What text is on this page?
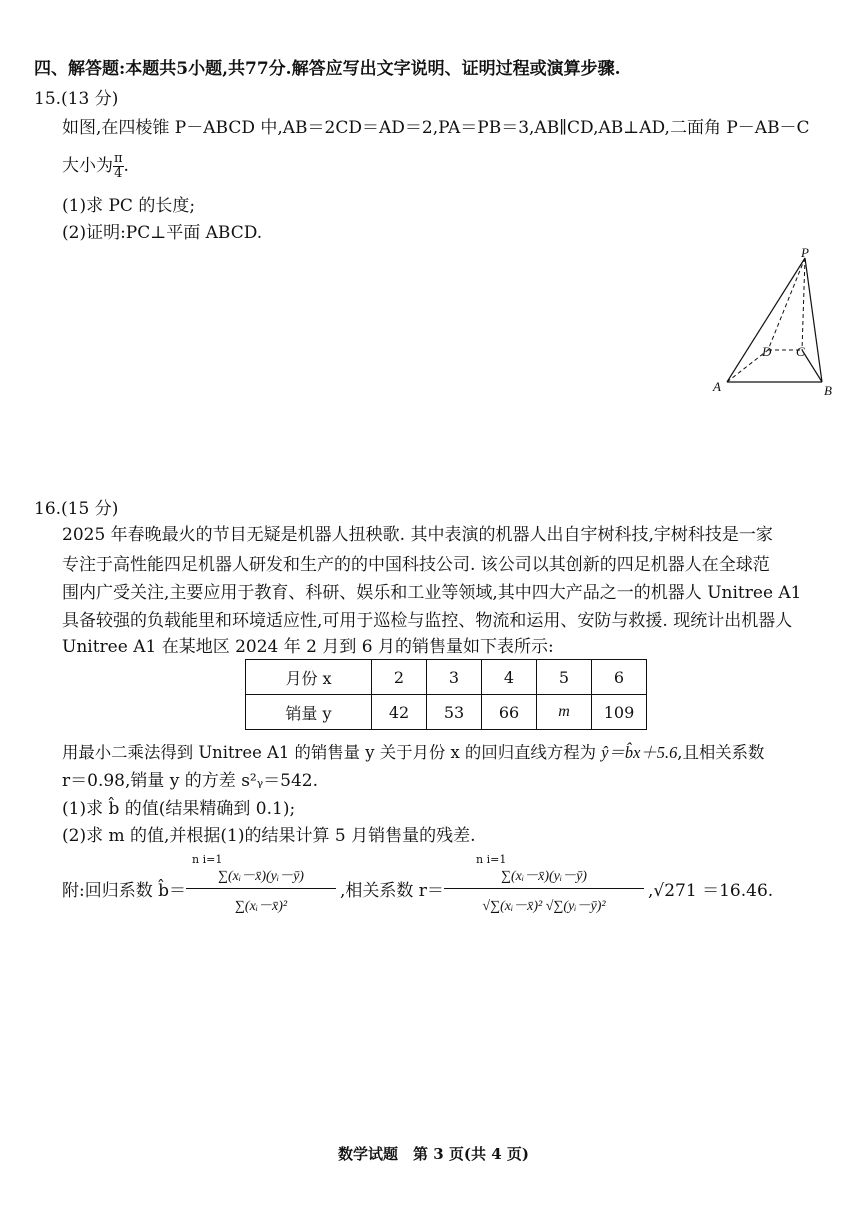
四、解答题:本题共5小题,共77分.解答应写出文字说明、证明过程或演算步骤.
15.(13 分)
如图,在四棱锥 P－ABCD 中,AB＝2CD＝AD＝2,PA＝PB＝3,AB∥CD,AB⊥AD,二面角 P－AB－C
大小为 $\frac{\pi}{4}$ .
(1)求 PC 的长度;
(2)证明:PC⊥平面 ABCD.
P
A	B
C
D
16.(15 分)
2025 年春晚最火的节目无疑是机器人扭秧歌. 其中表演的机器人出自宇树科技,宇树科技是一家
专注于高性能四足机器人研发和生产的的中国科技公司. 该公司以其创新的四足机器人在全球范
围内广受关注,主要应用于教育、科研、娱乐和工业等领域,其中四大产品之一的机器人 Unitree A1
具备较强的负载能里和环境适应性,可用于巡检与监控、物流和运用、安防与救援. 现统计出机器人
Unitree A1 在某地区 2024 年 2 月到 6 月的销售量如下表所示:
月份 x	2	3	4	5	6
销量 y	42	53	66	m	109
用最小二乘法得到 Unitree A1 的销售量 y 关于月份 x 的回归直线方程为 ŷ＝b̂x＋5.6,且相关系数
r＝0.98,销量 y 的方差 s²ᵧ＝542.
(1)求 b̂ 的值(结果精确到 0.1);
(2)求 m 的值,并根据(1)的结果计算 5 月销售量的残差.
附:回归系数 b̂＝ n i=1
∑(xᵢ－x̄)(yᵢ－ȳ)
∑(xᵢ－x̄)² ,相关系数 r＝ n i=1
∑(xᵢ－x̄)(yᵢ－ȳ)
√∑(xᵢ－x̄)² √∑(yᵢ－ȳ)² ,√271 ＝16.46.
数学试题　第 3 页(共 4 页)
